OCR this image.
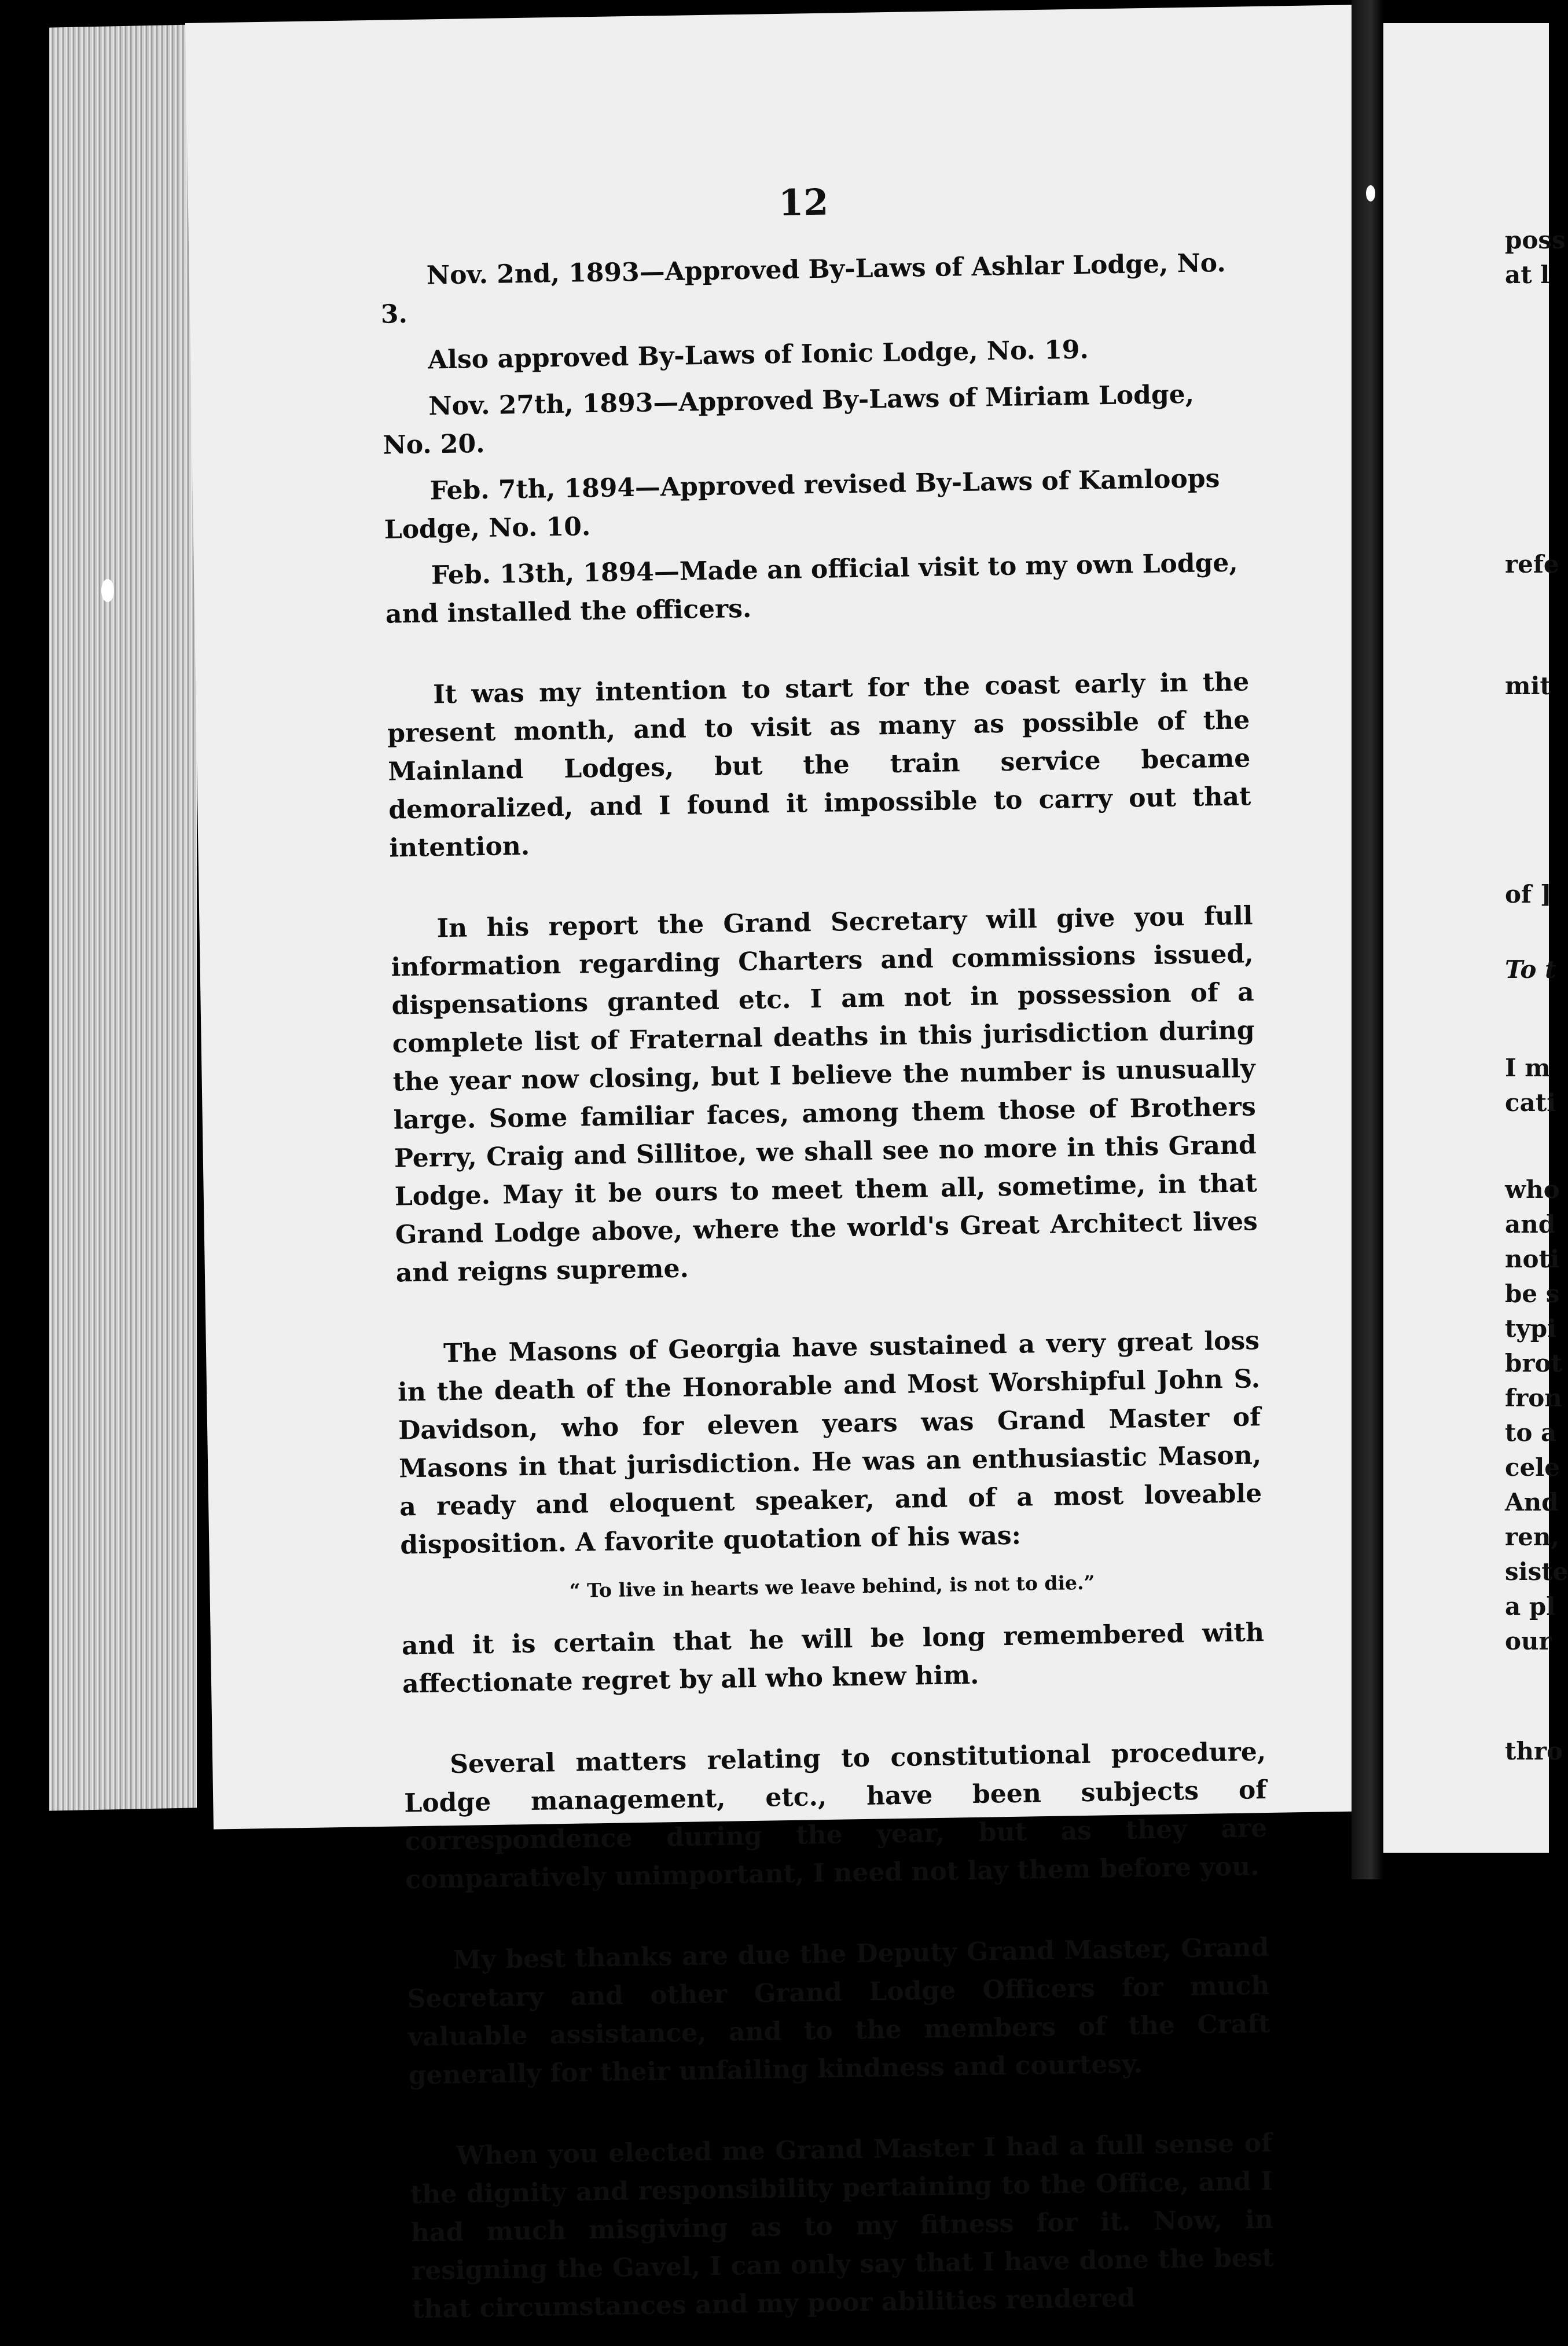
12

Nov. 2nd, 1893—Approved By-Laws of Ashlar Lodge, No. 3.

Also approved By-Laws of Ionic Lodge, No. 19.

Nov. 27th, 1893—Approved By-Laws of Miriam Lodge, No. 20.

Feb. 7th, 1894—Approved revised By-Laws of Kamloops Lodge, No. 10.

Feb. 13th, 1894—Made an official visit to my own Lodge, and installed the officers.

It was my intention to start for the coast early in the present month, and to visit as many as possible of the Mainland Lodges, but the train service became demoralized, and I found it impossible to carry out that intention.

In his report the Grand Secretary will give you full information regarding Charters and commissions issued, dispensations granted etc. I am not in possession of a complete list of Fraternal deaths in this jurisdiction during the year now closing, but I believe the number is unusually large. Some familiar faces, among them those of Brothers Perry, Craig and Sillitoe, we shall see no more in this Grand Lodge. May it be ours to meet them all, sometime, in that Grand Lodge above, where the world's Great Architect lives and reigns supreme.

The Masons of Georgia have sustained a very great loss in the death of the Honorable and Most Worshipful John S. Davidson, who for eleven years was Grand Master of Masons in that jurisdiction. He was an enthusiastic Mason, a ready and eloquent speaker, and of a most loveable disposition. A favorite quotation of his was:

“ To live in hearts we leave behind, is not to die.”

and it is certain that he will be long remembered with affectionate regret by all who knew him.

Several matters relating to constitutional procedure, Lodge management, etc., have been subjects of correspondence during the year, but as they are comparatively unimportant, I need not lay them before you.

My best thanks are due the Deputy Grand Master, Grand Secretary and other Grand Lodge Officers for much valuable assistance, and to the members of the Craft generally for their unfailing kindness and courtesy.

When you elected me Grand Master I had a full sense of the dignity and responsibility pertaining to the Office, and I had much misgiving as to my fitness for it. Now, in resigning the Gavel, I can only say that I have done the best that circumstances and my poor abilities rendered

poss
at l
refe
mit
of ]
To t
I m
cati
who
and
noti
be s
typi
brot
fron
to a
cele
And
ren,
siste
a pl
our
thro
